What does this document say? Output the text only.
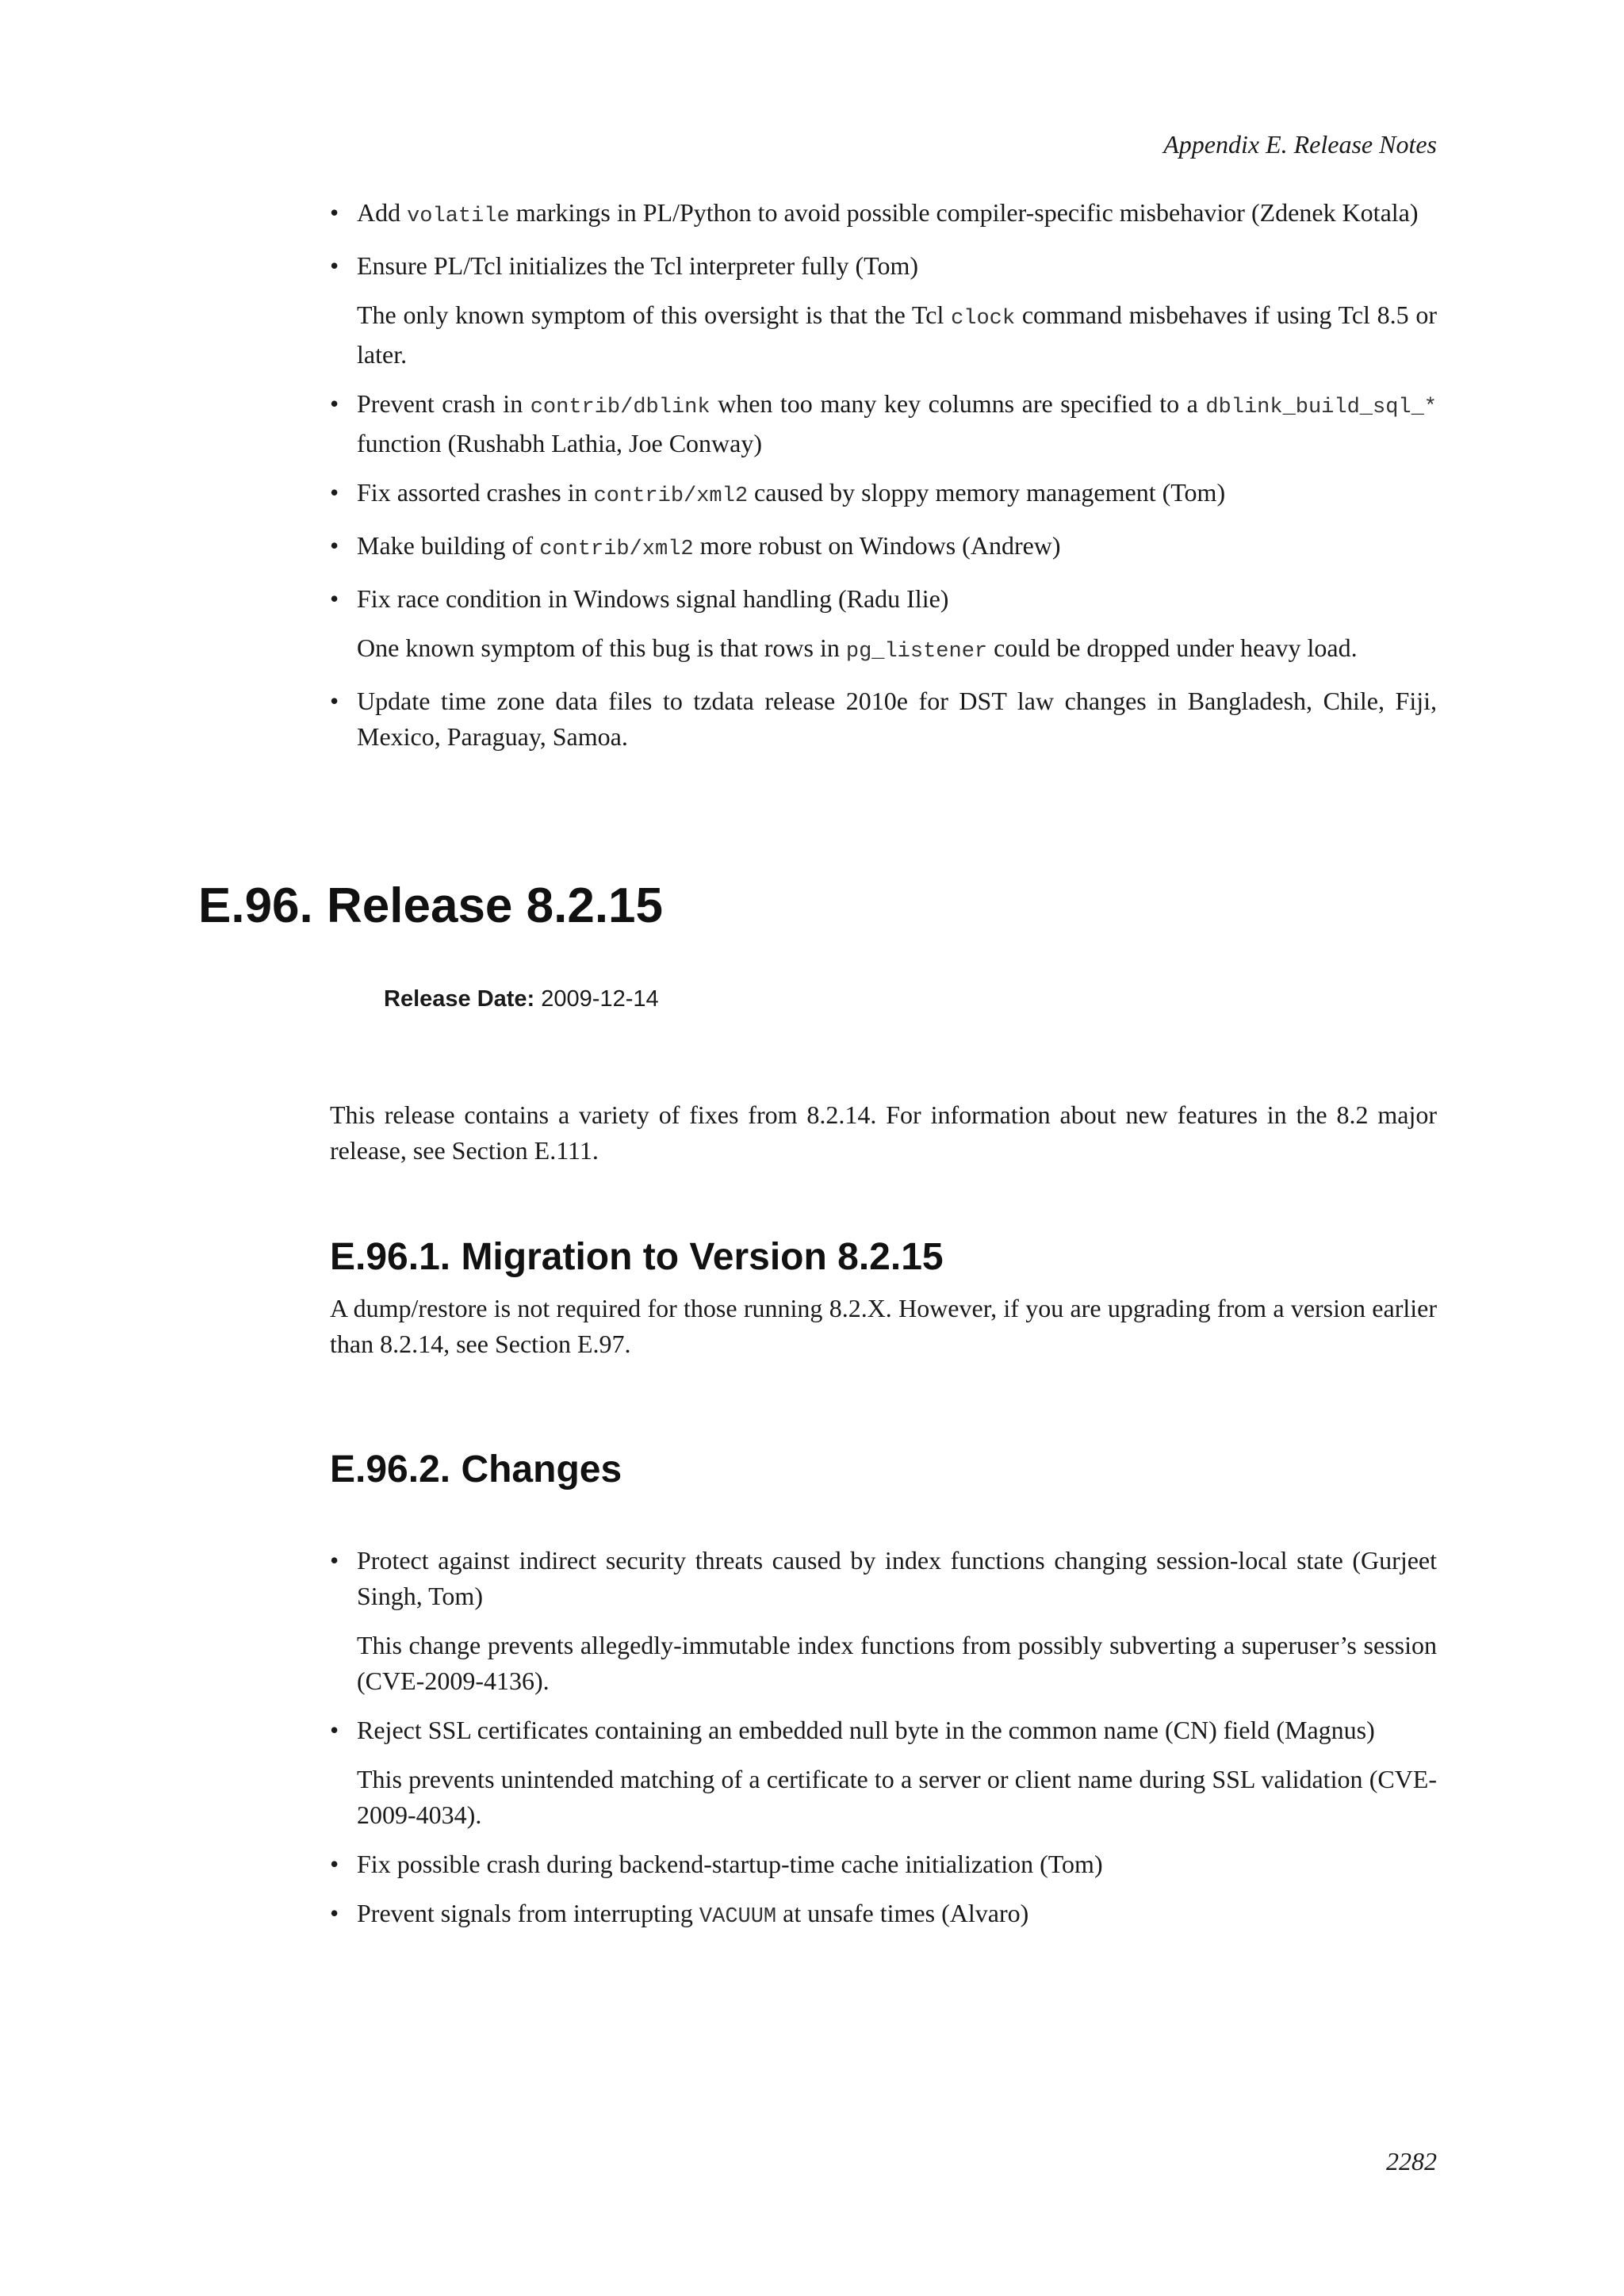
Appendix E. Release Notes
• Add volatile markings in PL/Python to avoid possible compiler-specific misbehavior (Zdenek Kotala)
• Ensure PL/Tcl initializes the Tcl interpreter fully (Tom)
The only known symptom of this oversight is that the Tcl clock command misbehaves if using Tcl 8.5 or later.
• Prevent crash in contrib/dblink when too many key columns are specified to a dblink_build_sql_* function (Rushabh Lathia, Joe Conway)
• Fix assorted crashes in contrib/xml2 caused by sloppy memory management (Tom)
• Make building of contrib/xml2 more robust on Windows (Andrew)
• Fix race condition in Windows signal handling (Radu Ilie)
One known symptom of this bug is that rows in pg_listener could be dropped under heavy load.
• Update time zone data files to tzdata release 2010e for DST law changes in Bangladesh, Chile, Fiji, Mexico, Paraguay, Samoa.
E.96. Release 8.2.15
Release Date: 2009-12-14

This release contains a variety of fixes from 8.2.14. For information about new features in the 8.2 major release, see Section E.111.

E.96.1. Migration to Version 8.2.15

A dump/restore is not required for those running 8.2.X. However, if you are upgrading from a version earlier than 8.2.14, see Section E.97.

E.96.2. Changes
• Protect against indirect security threats caused by index functions changing session-local state (Gurjeet Singh, Tom)
This change prevents allegedly-immutable index functions from possibly subverting a superuser’s session (CVE-2009-4136).
• Reject SSL certificates containing an embedded null byte in the common name (CN) field (Magnus)
This prevents unintended matching of a certificate to a server or client name during SSL validation (CVE-2009-4034).
• Fix possible crash during backend-startup-time cache initialization (Tom)
• Prevent signals from interrupting VACUUM at unsafe times (Alvaro)
2282
